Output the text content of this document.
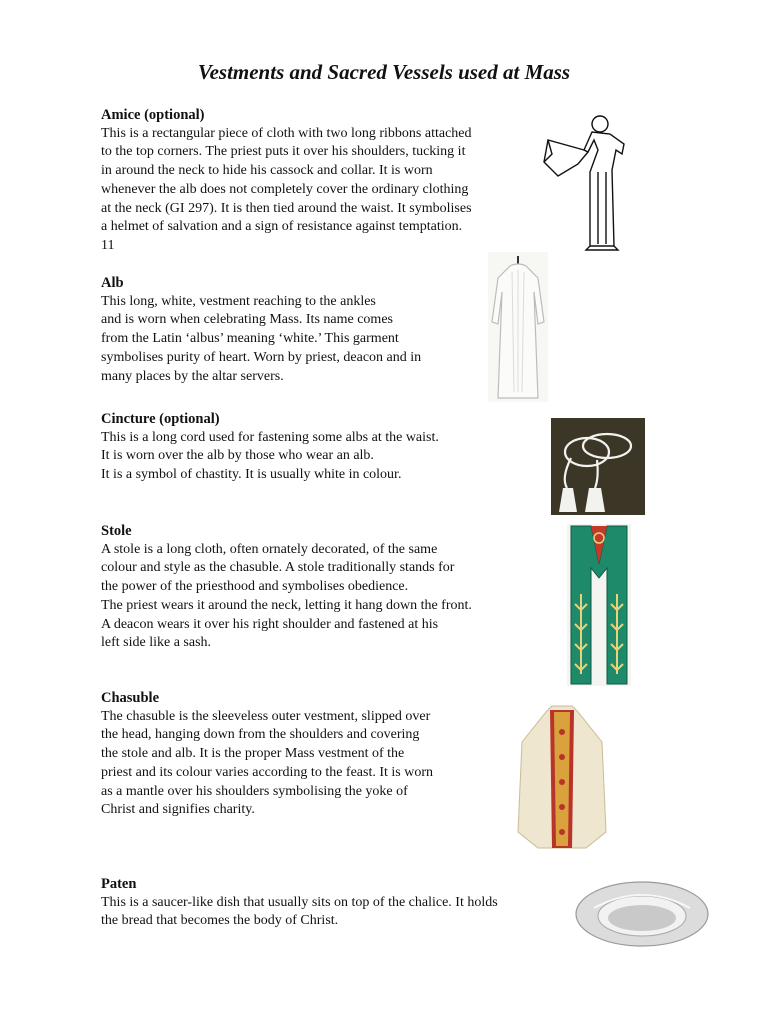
Vestments and Sacred Vessels used at Mass

Amice (optional)

This is a rectangular piece of cloth with two long ribbons attached

to the top corners. The priest puts it over his shoulders, tucking it

in around the neck to hide his cassock and collar. It is worn

whenever the alb does not completely cover the ordinary clothing

at the neck (GI 297). It is then tied around the waist. It symbolises

a helmet of salvation and a sign of resistance against temptation.

11

Alb

This long, white, vestment reaching to the ankles

and is worn when celebrating Mass. Its name comes

from the Latin ‘albus’ meaning ‘white.’ This garment

symbolises purity of heart. Worn by priest, deacon and in

many places by the altar servers.

Cincture (optional)

This is a long cord used for fastening some albs at the waist.

It is worn over the alb by those who wear an alb.

It is a symbol of chastity. It is usually white in colour.

Stole

A stole is a long cloth, often ornately decorated, of the same

colour and style as the chasuble. A stole traditionally stands for

the power of the priesthood and symbolises obedience.

The priest wears it around the neck, letting it hang down the front.

A deacon wears it over his right shoulder and fastened at his

left side like a sash.

Chasuble

The chasuble is the sleeveless outer vestment, slipped over

the head, hanging down from the shoulders and covering

the stole and alb. It is the proper Mass vestment of the

priest and its colour varies according to the feast. It is worn

as a mantle over his shoulders symbolising the yoke of

Christ and signifies charity.

Paten

This is a saucer-like dish that usually sits on top of the chalice. It holds

the bread that becomes the body of Christ.
